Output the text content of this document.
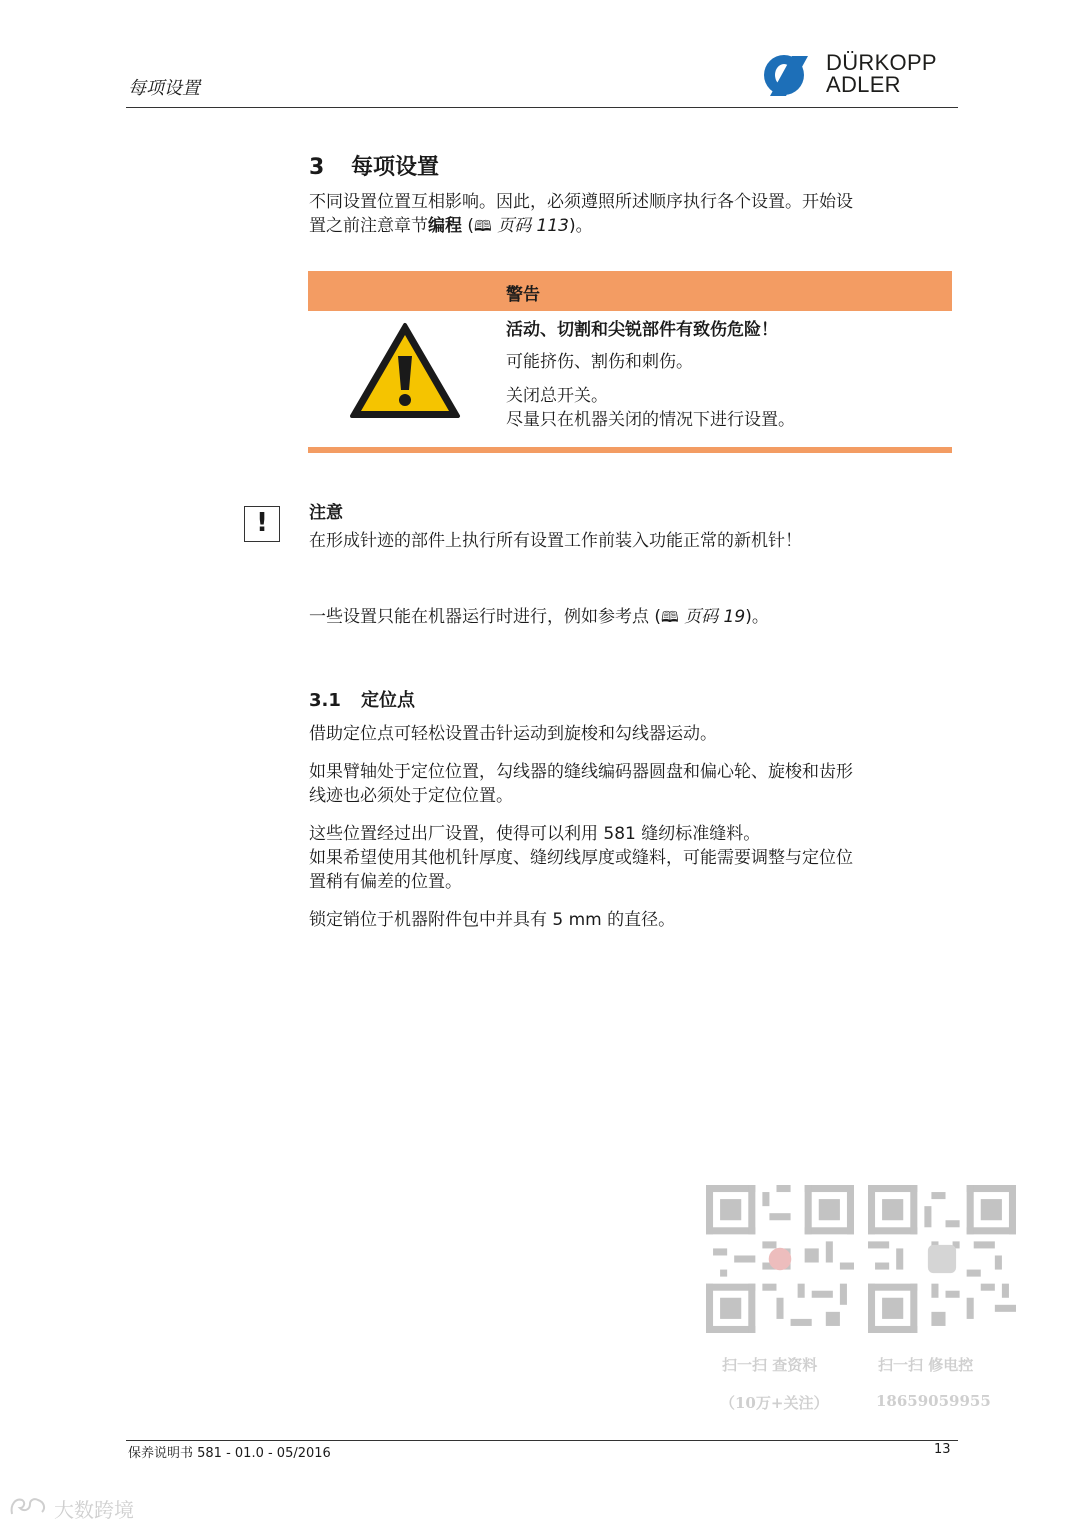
每项设置
DÜRKOPP
ADLER
3 每项设置
不同设置位置互相影响。因此，必须遵照所述顺序执行各个设置。开始设
置之前注意章节编程 (🕮 页码 113)。
警告
活动、切割和尖锐部件有致伤危险！
可能挤伤、割伤和刺伤。
关闭总开关。
尽量只在机器关闭的情况下进行设置。
!	注意
在形成针迹的部件上执行所有设置工作前装入功能正常的新机针！
一些设置只能在机器运行时进行，例如参考点 (🕮 页码 19)。
3.1 定位点
借助定位点可轻松设置击针运动到旋梭和勾线器运动。
如果臂轴处于定位位置，勾线器的缝线编码器圆盘和偏心轮、旋梭和齿形
线迹也必须处于定位位置。
这些位置经过出厂设置，使得可以利用 581 缝纫标准缝料。
如果希望使用其他机针厚度、缝纫线厚度或缝料，可能需要调整与定位位
置稍有偏差的位置。
锁定销位于机器附件包中并具有 5 mm 的直径。
扫一扫 查资料
（10万+关注）
扫一扫 修电控
18659059955
保养说明书 581 - 01.0 - 05/2016	13
大数跨境
